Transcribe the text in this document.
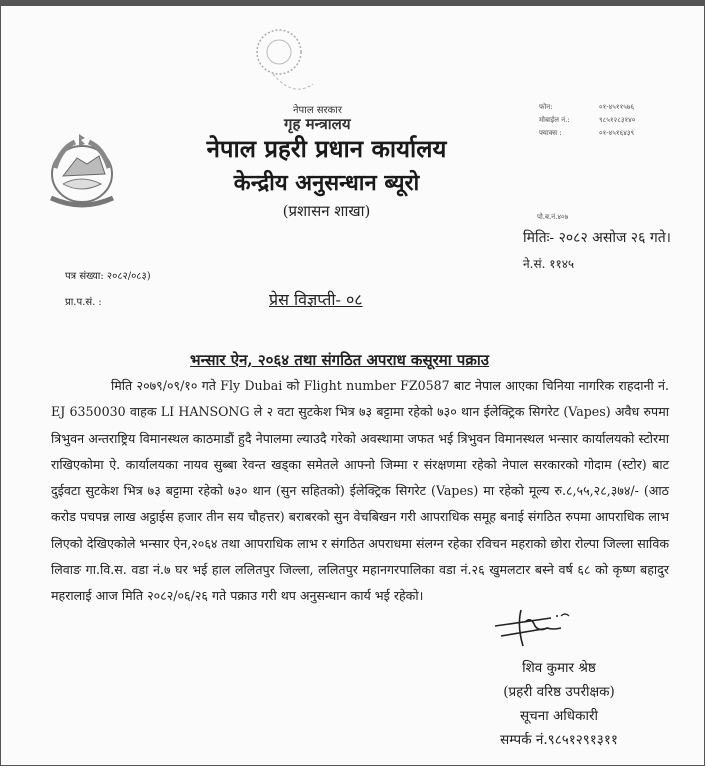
नेपाल सरकार
गृह मन्त्रालय
नेपाल प्रहरी प्रधान कार्यालय
केन्द्रीय अनुसन्धान ब्यूरो
(प्रशासन शाखा)
फोन:	०१-४५११५७६
मोबाईल नं.:	९८५१२८३१४०
फ्याक्स :	०१-४५१६४३९
पो.ब.नं.४०७
मितिः- २०८२ असोज २६ गते।
ने.सं. ११४५
पत्र संख्या: २०८२/०८३)
प्रा.प.सं. :	प्रेस विज्ञप्ती- ०८
भन्सार ऐन, २०६४ तथा संगठित अपराध कसूरमा पक्राउ
मिति २०७९/०९/१० गते Fly Dubai को Flight number FZ0587 बाट नेपाल आएका चिनिया नागरिक राहदानी नं. EJ 6350030 वाहक LI HANSONG ले २ वटा सुटकेश भित्र ७३ बट्टामा रहेको ७३० थान ईलेक्ट्रिक सिगरेट (Vapes) अवैध रुपमा त्रिभुवन अन्तराष्ट्रिय विमानस्थल काठमाडौं हुदै नेपालमा ल्याउदै गरेको अवस्थामा जफत भई त्रिभुवन विमानस्थल भन्सार कार्यालयको स्टोरमा राखिएकोमा ऐ. कार्यालयका नायव सुब्बा रेवन्त खड्का समेतले आफ्नो जिम्मा र संरक्षणमा रहेको नेपाल सरकारको गोदाम (स्टोर) बाट दुईवटा सुटकेश भित्र ७३ बट्टामा रहेको ७३० थान (सुन सहितको) ईलेक्ट्रिक सिगरेट (Vapes) मा रहेको मूल्य रु.८,५५,२८,३७४/- (आठ करोड पचपन्न लाख अट्ठाईस हजार तीन सय चौहत्तर) बराबरको सुन वेचबिखन गरी आपराधिक समूह बनाई संगठित रुपमा आपराधिक लाभ लिएको देखिएकोले भन्सार ऐन,२०६४ तथा आपराधिक लाभ र संगठित अपराधमा संलग्न रहेका रविचन महराको छोरा रोल्पा जिल्ला साविक लिवाङ गा.वि.स. वडा नं.७ घर भई हाल ललितपुर जिल्ला, ललितपुर महानगरपालिका वडा नं.२६ खुमलटार बस्ने वर्ष ६८ को कृष्ण बहादुर महरालाई आज मिति २०८२/०६/२६ गते पक्राउ गरी थप अनुसन्धान कार्य भई रहेको।
शिव कुमार श्रेष्ठ
(प्रहरी वरिष्ठ उपरीक्षक)
सूचना अधिकारी
सम्पर्क नं.९८५१२९१३११
